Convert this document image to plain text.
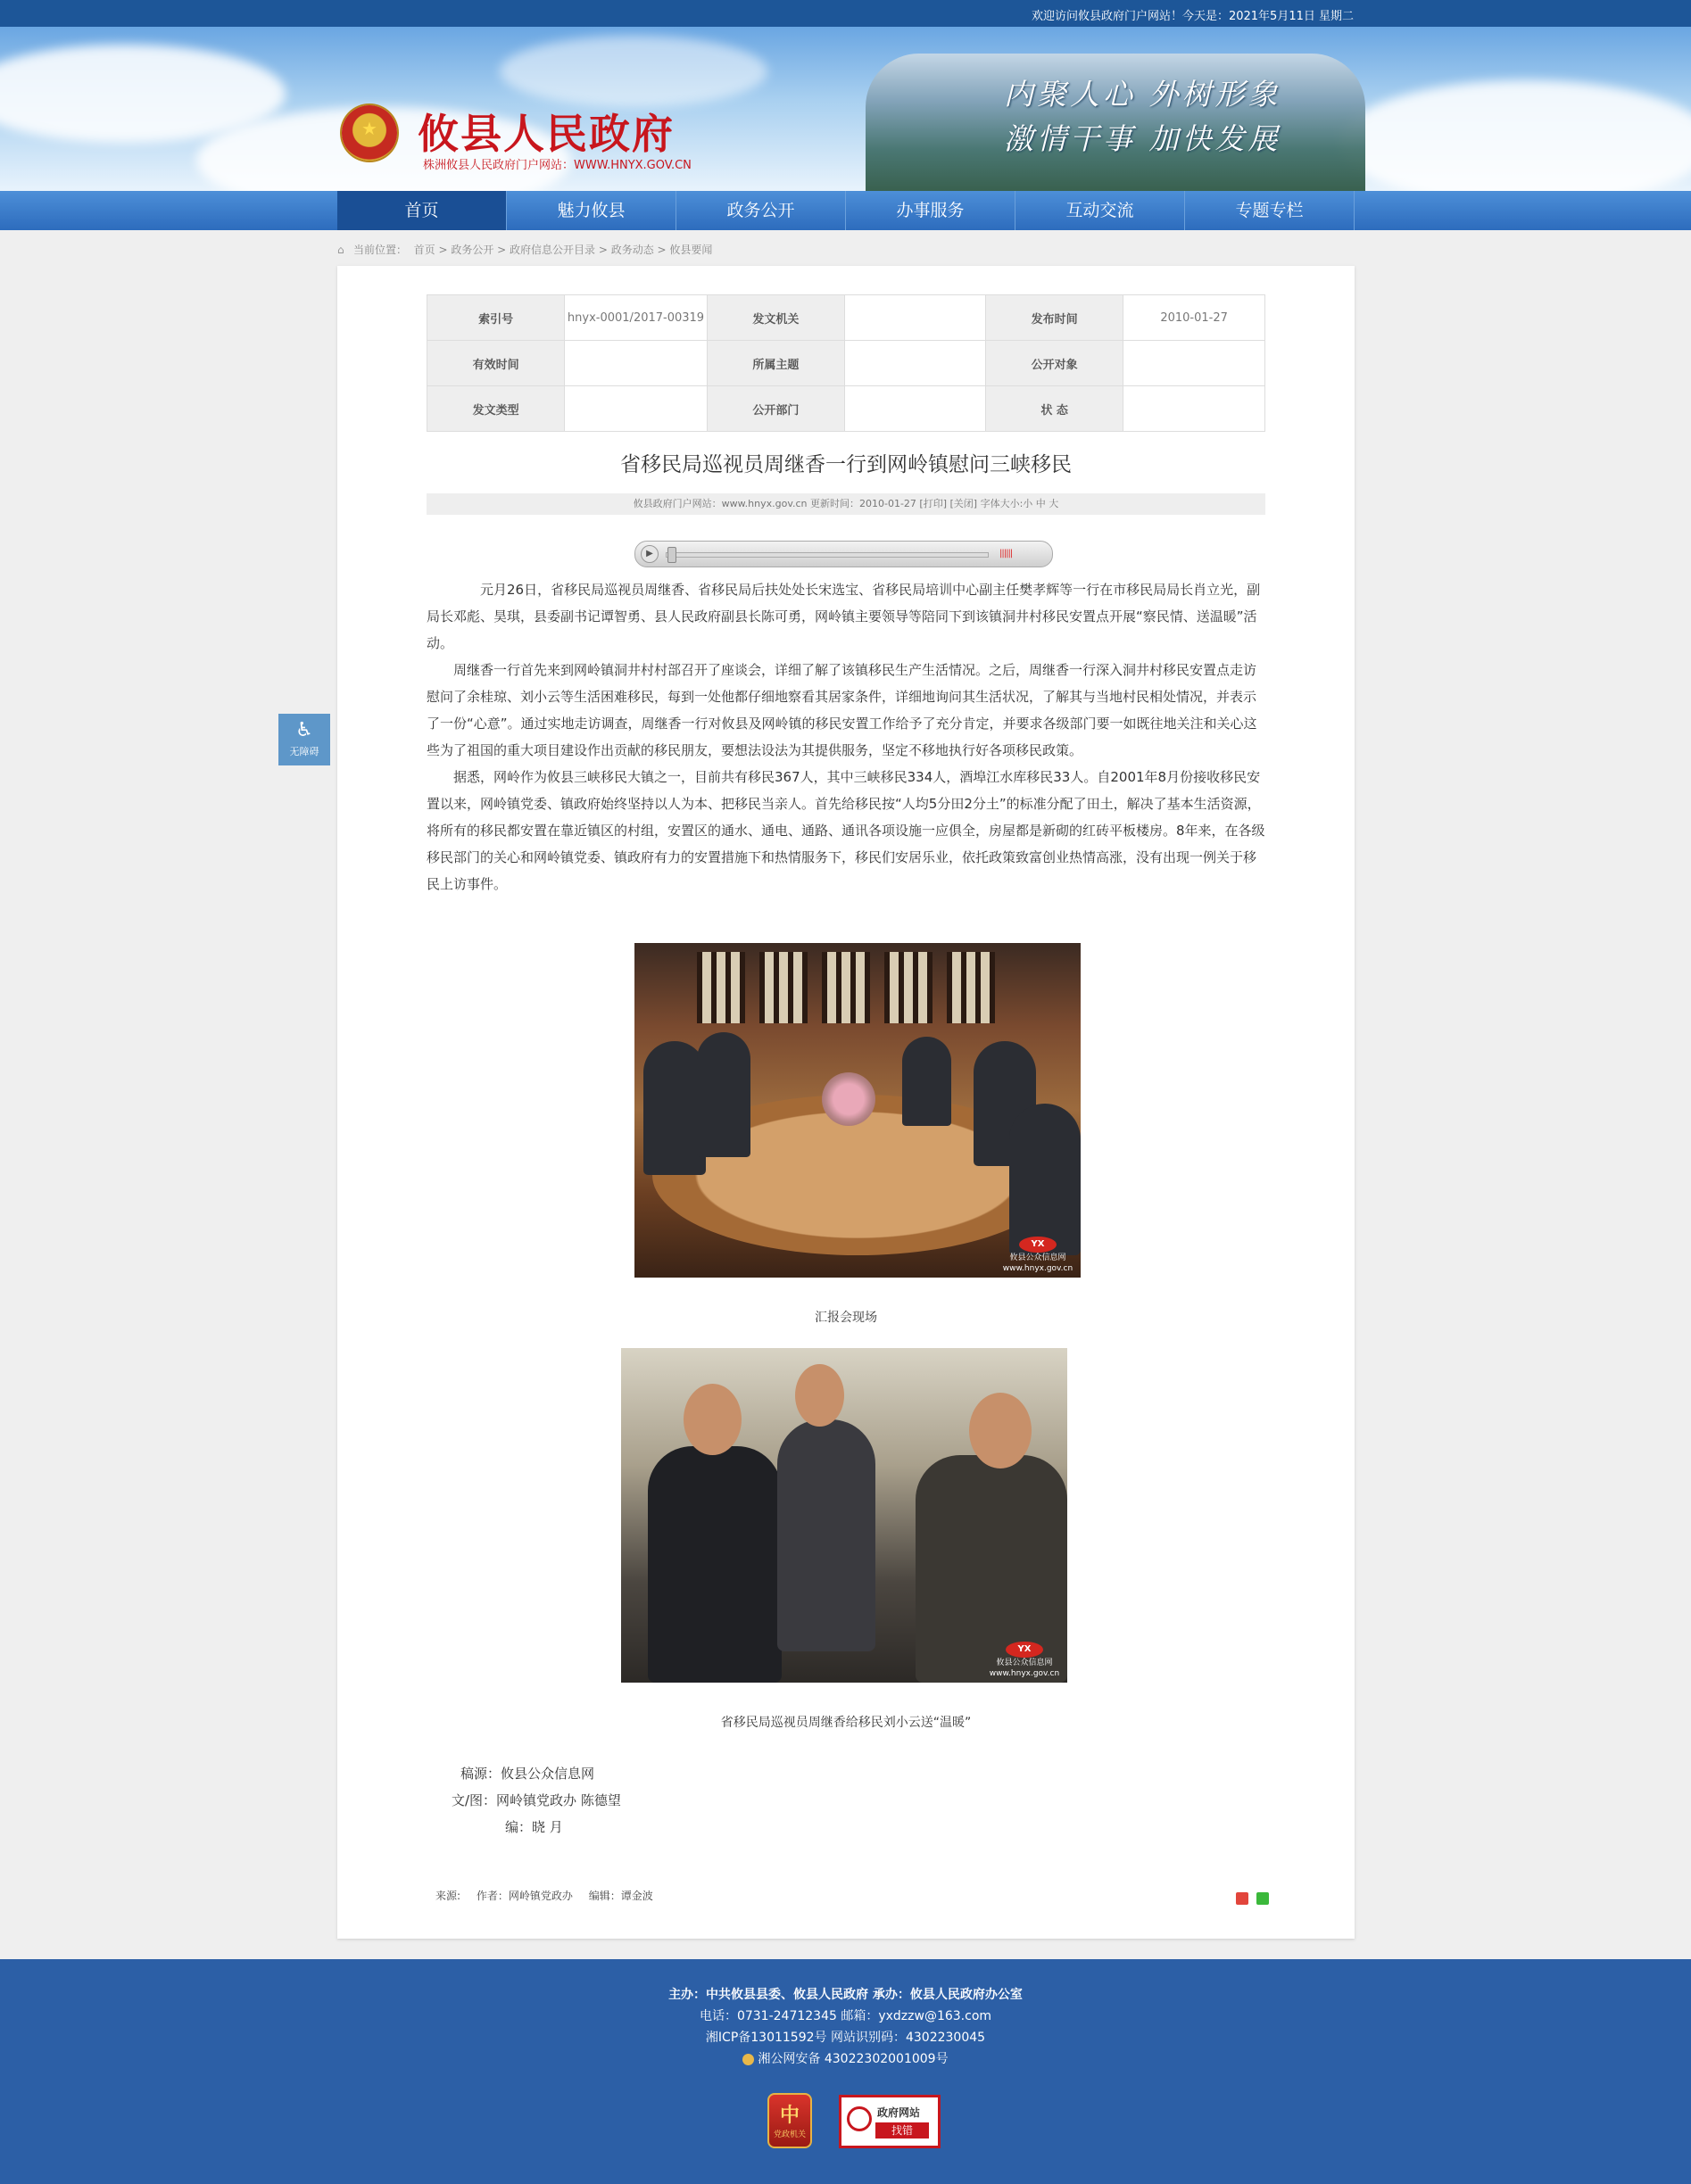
欢迎访问攸县政府门户网站！今天是：2021年5月11日 星期二
★ 攸县人民政府
株洲攸县人民政府门户网站：WWW.HNYX.GOV.CN
内聚人心 外树形象
激情干事 加快发展
首页	魅力攸县	政务公开	办事服务	互动交流	专题专栏
⌂ 当前位置： 首页 > 政务公开 > 政府信息公开目录 > 政务动态 > 攸县要闻
♿
无障碍
索引号	hnyx-0001/2017-00319	发文机关		发布时间	2010-01-27
有效时间		所属主题		公开对象	
发文类型		公开部门		状 态	
省移民局巡视员周继香一行到网岭镇慰问三峡移民
攸县政府门户网站：www.hnyx.gov.cn 更新时间：2010-01-27 [打印] [关闭] 字体大小:小 中 大
▶	||||||

元月26日，省移民局巡视员周继香、省移民局后扶处处长宋选宝、省移民局培训中心副主任樊孝辉等一行在市移民局局长肖立光，副局长邓彪、昊琪，县委副书记谭智勇、县人民政府副县长陈可勇，网岭镇主要领导等陪同下到该镇洞井村移民安置点开展“察民情、送温暖”活动。

周继香一行首先来到网岭镇洞井村村部召开了座谈会，详细了解了该镇移民生产生活情况。之后，周继香一行深入洞井村移民安置点走访慰问了余桂琼、刘小云等生活困难移民，每到一处他都仔细地察看其居家条件，详细地询问其生活状况，了解其与当地村民相处情况，并表示了一份“心意”。通过实地走访调查，周继香一行对攸县及网岭镇的移民安置工作给予了充分肯定，并要求各级部门要一如既往地关注和关心这些为了祖国的重大项目建设作出贡献的移民朋友，要想法设法为其提供服务，坚定不移地执行好各项移民政策。

据悉，网岭作为攸县三峡移民大镇之一，目前共有移民367人，其中三峡移民334人，酒埠江水库移民33人。自2001年8月份接收移民安置以来，网岭镇党委、镇政府始终坚持以人为本、把移民当亲人。首先给移民按“人均5分田2分土”的标准分配了田土，解决了基本生活资源，将所有的移民都安置在靠近镇区的村组，安置区的通水、通电、通路、通讯各项设施一应俱全，房屋都是新砌的红砖平板楼房。8年来，在各级移民部门的关心和网岭镇党委、镇政府有力的安置措施下和热情服务下，移民们安居乐业，依托政策致富创业热情高涨，没有出现一例关于移民上访事件。

YX
攸县公众信息网
www.hnyx.gov.cn
汇报会现场
YX
攸县公众信息网
www.hnyx.gov.cn
省移民局巡视员周继香给移民刘小云送“温暖”
稿源：攸县公众信息网
文/图：网岭镇党政办 陈德望
编：晓 月
来源: 作者：网岭镇党政办 编辑：谭金波

主办：中共攸县县委、攸县人民政府 承办：攸县人民政府办公室
电话：0731-24712345 邮箱：yxdzzw@163.com
湘ICP备13011592号 网站识别码：4302230045
湘公网安备 43022302001009号
中
党政机关
政府网站
找错
